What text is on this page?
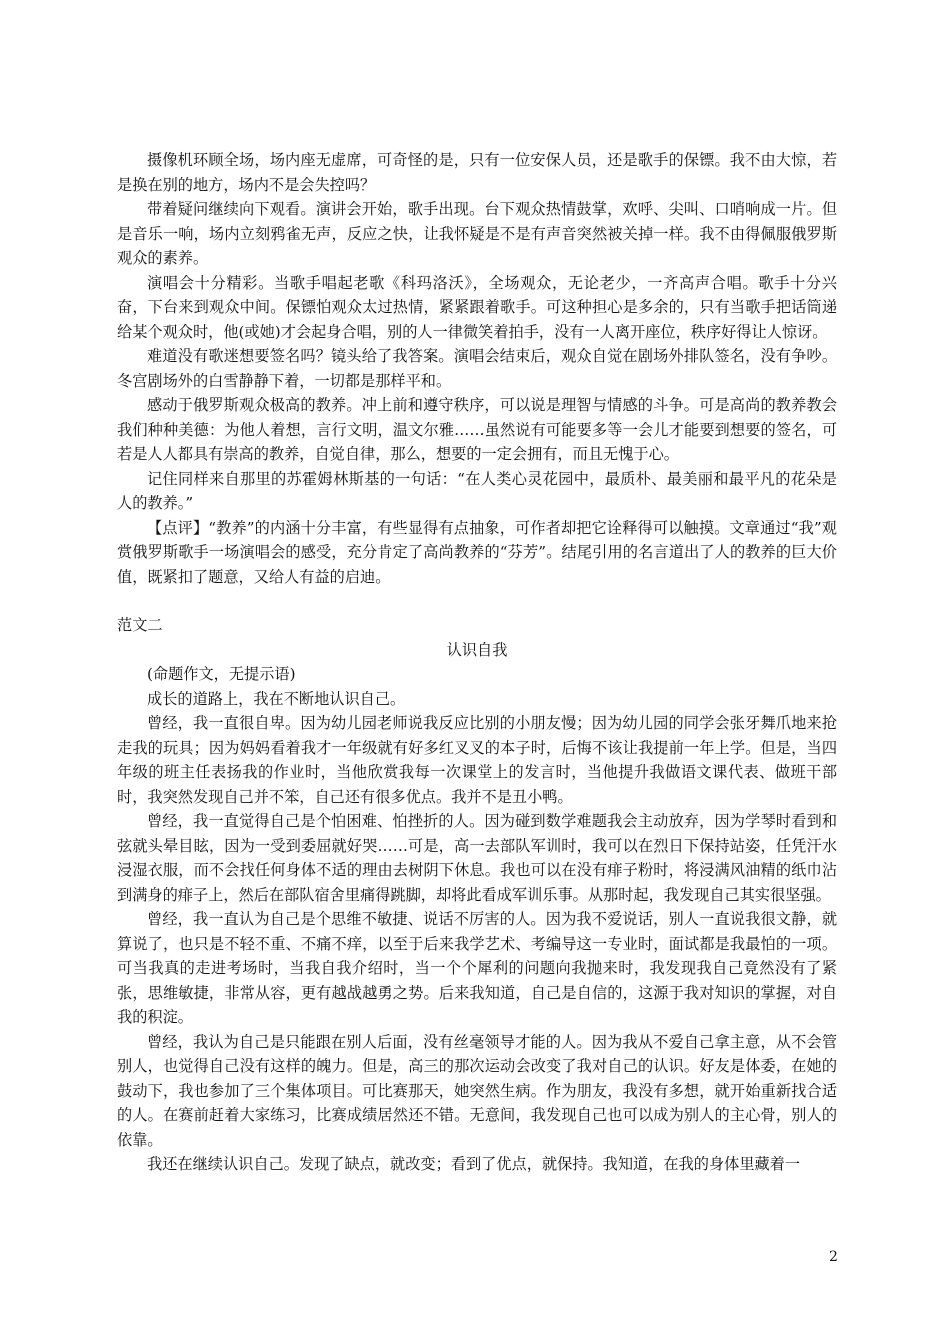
摄像机环顾全场，场内座无虚席，可奇怪的是，只有一位安保人员，还是歌手的保镖。我不由大惊，若是换在别的地方，场内不是会失控吗？

带着疑问继续向下观看。演讲会开始，歌手出现。台下观众热情鼓掌，欢呼、尖叫、口哨响成一片。但是音乐一响，场内立刻鸦雀无声，反应之快，让我怀疑是不是有声音突然被关掉一样。我不由得佩服俄罗斯观众的素养。

演唱会十分精彩。当歌手唱起老歌《科玛洛沃》，全场观众，无论老少，一齐高声合唱。歌手十分兴奋，下台来到观众中间。保镖怕观众太过热情，紧紧跟着歌手。可这种担心是多余的，只有当歌手把话筒递给某个观众时，他(或她)才会起身合唱，别的人一律微笑着拍手，没有一人离开座位，秩序好得让人惊讶。

难道没有歌迷想要签名吗？镜头给了我答案。演唱会结束后，观众自觉在剧场外排队签名，没有争吵。冬宫剧场外的白雪静静下着，一切都是那样平和。

感动于俄罗斯观众极高的教养。冲上前和遵守秩序，可以说是理智与情感的斗争。可是高尚的教养教会我们种种美德：为他人着想，言行文明，温文尔雅……虽然说有可能要多等一会儿才能要到想要的签名，可若是人人都具有崇高的教养，自觉自律，那么，想要的一定会拥有，而且无愧于心。

记住同样来自那里的苏霍姆林斯基的一句话：“在人类心灵花园中，最质朴、最美丽和最平凡的花朵是人的教养。”

【点评】“教养”的内涵十分丰富，有些显得有点抽象，可作者却把它诠释得可以触摸。文章通过“我”观赏俄罗斯歌手一场演唱会的感受，充分肯定了高尚教养的“芬芳”。结尾引用的名言道出了人的教养的巨大价值，既紧扣了题意，又给人有益的启迪。

范文二

认识自我

(命题作文，无提示语)

成长的道路上，我在不断地认识自己。

曾经，我一直很自卑。因为幼儿园老师说我反应比别的小朋友慢；因为幼儿园的同学会张牙舞爪地来抢走我的玩具；因为妈妈看着我才一年级就有好多红叉叉的本子时，后悔不该让我提前一年上学。但是，当四年级的班主任表扬我的作业时，当他欣赏我每一次课堂上的发言时，当他提升我做语文课代表、做班干部时，我突然发现自己并不笨，自己还有很多优点。我并不是丑小鸭。

曾经，我一直觉得自己是个怕困难、怕挫折的人。因为碰到数学难题我会主动放弃，因为学琴时看到和弦就头晕目眩，因为一受到委屈就好哭……可是，高一去部队军训时，我可以在烈日下保持站姿，任凭汗水浸湿衣服，而不会找任何身体不适的理由去树阴下休息。我也可以在没有痱子粉时，将浸满风油精的纸巾沾到满身的痱子上，然后在部队宿舍里痛得跳脚，却将此看成军训乐事。从那时起，我发现自己其实很坚强。

曾经，我一直认为自己是个思维不敏捷、说话不厉害的人。因为我不爱说话，别人一直说我很文静，就算说了，也只是不轻不重、不痛不痒，以至于后来我学艺术、考编导这一专业时，面试都是我最怕的一项。可当我真的走进考场时，当我自我介绍时，当一个个犀利的问题向我抛来时，我发现我自己竟然没有了紧张，思维敏捷，非常从容，更有越战越勇之势。后来我知道，自己是自信的，这源于我对知识的掌握，对自我的积淀。

曾经，我认为自己是只能跟在别人后面，没有丝毫领导才能的人。因为我从不爱自己拿主意，从不会管别人，也觉得自己没有这样的魄力。但是，高三的那次运动会改变了我对自己的认识。好友是体委，在她的鼓动下，我也参加了三个集体项目。可比赛那天，她突然生病。作为朋友，我没有多想，就开始重新找合适的人。在赛前赶着大家练习，比赛成绩居然还不错。无意间，我发现自己也可以成为别人的主心骨，别人的依靠。

我还在继续认识自己。发现了缺点，就改变；看到了优点，就保持。我知道，在我的身体里藏着一

2
